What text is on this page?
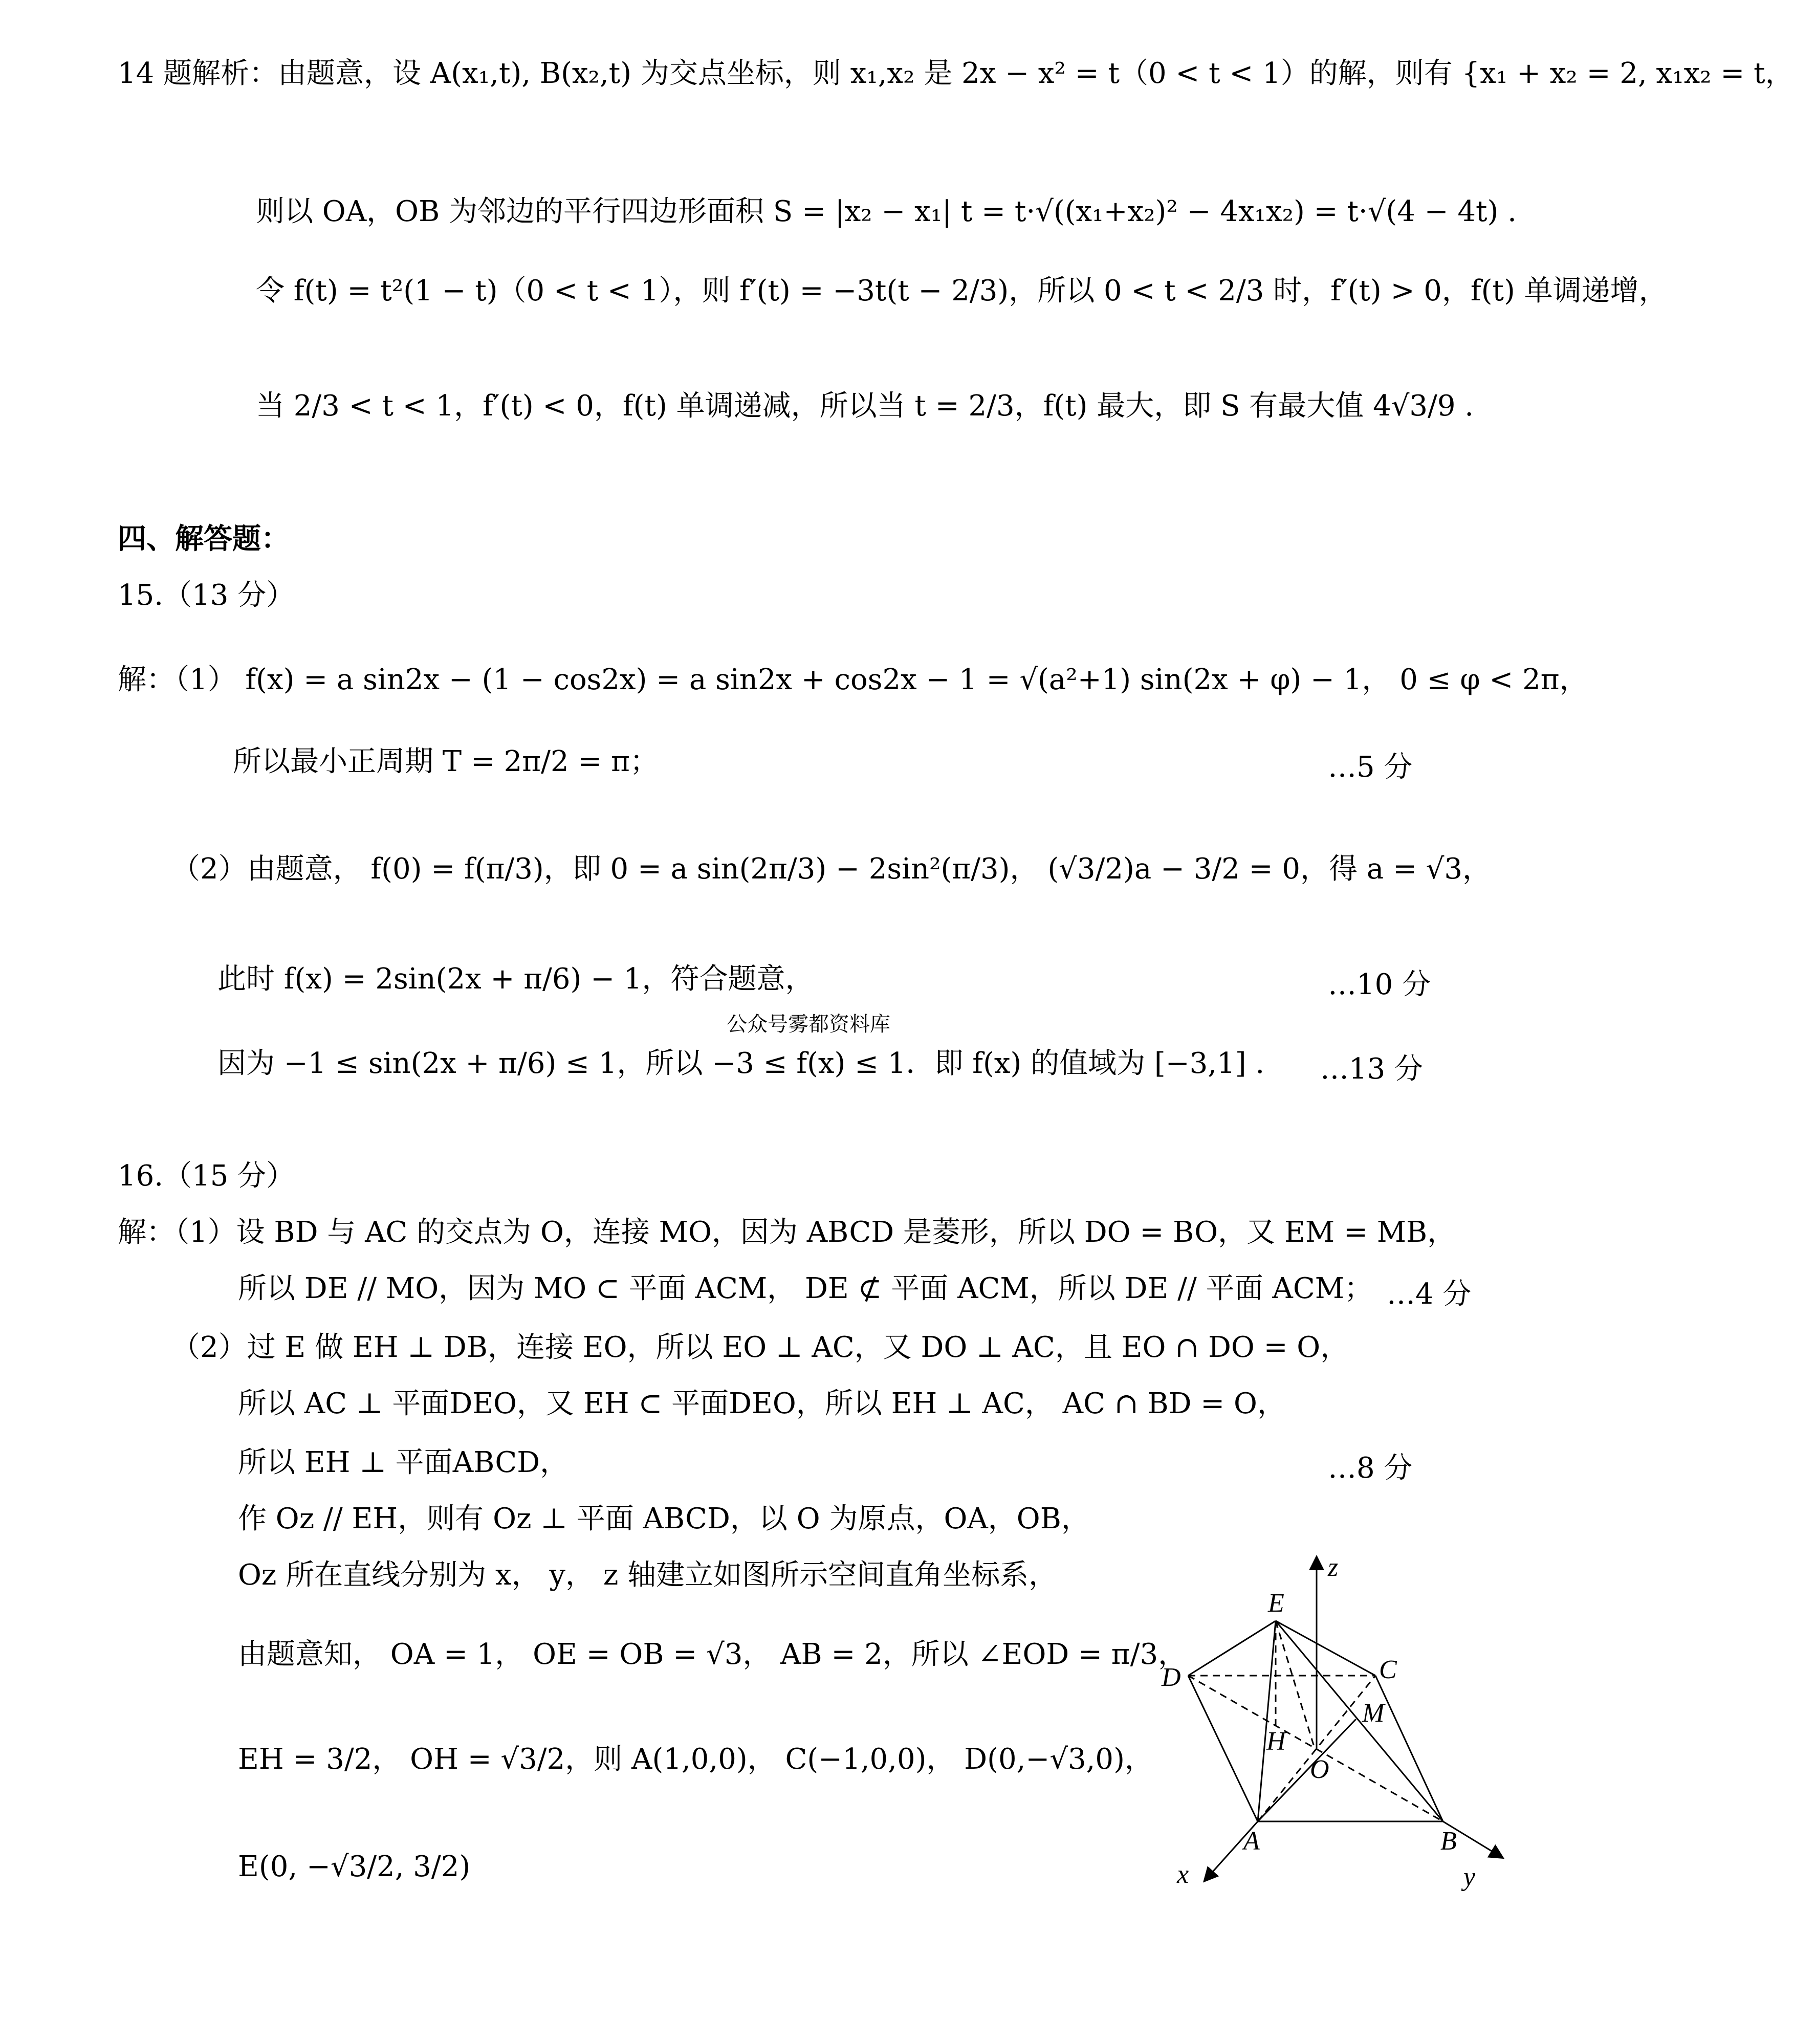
14 题解析：由题意，设 A(x₁,t), B(x₂,t) 为交点坐标，则 x₁,x₂ 是 2x − x² = t（0 < t < 1）的解，则有 {x₁ + x₂ = 2, x₁x₂ = t，
则以 OA，OB 为邻边的平行四边形面积 S = |x₂ − x₁| t = t·√((x₁+x₂)² − 4x₁x₂) = t·√(4 − 4t) .
令 f(t) = t²(1 − t)（0 < t < 1），则 f′(t) = −3t(t − 2/3)，所以 0 < t < 2/3 时，f′(t) > 0，f(t) 单调递增，
当 2/3 < t < 1，f′(t) < 0，f(t) 单调递减，所以当 t = 2/3，f(t) 最大，即 S 有最大值 4√3/9 .
四、解答题：
15.（13 分）
解：（1） f(x) = a sin2x − (1 − cos2x) = a sin2x + cos2x − 1 = √(a²+1) sin(2x + φ) − 1， 0 ≤ φ < 2π，
所以最小正周期 T = 2π/2 = π；	…5 分
（2）由题意， f(0) = f(π/3)，即 0 = a sin(2π/3) − 2sin²(π/3)， (√3/2)a − 3/2 = 0，得 a = √3，
此时 f(x) = 2sin(2x + π/6) − 1，符合题意，	…10 分
公众号雾都资料库
因为 −1 ≤ sin(2x + π/6) ≤ 1，所以 −3 ≤ f(x) ≤ 1．即 f(x) 的值域为 [−3,1] . …13 分
16.（15 分）
解：（1）设 BD 与 AC 的交点为 O，连接 MO，因为 ABCD 是菱形，所以 DO = BO，又 EM = MB，
所以 DE // MO，因为 MO ⊂ 平面 ACM， DE ⊄ 平面 ACM，所以 DE // 平面 ACM； …4 分
（2）过 E 做 EH ⊥ DB，连接 EO，所以 EO ⊥ AC，又 DO ⊥ AC，且 EO ∩ DO = O，
所以 AC ⊥ 平面DEO，又 EH ⊂ 平面DEO，所以 EH ⊥ AC， AC ∩ BD = O，
所以 EH ⊥ 平面ABCD，	…8 分
作 Oz // EH，则有 Oz ⊥ 平面 ABCD，以 O 为原点，OA，OB，
Oz 所在直线分别为 x， y， z 轴建立如图所示空间直角坐标系，
由题意知， OA = 1， OE = OB = √3， AB = 2，所以 ∠EOD = π/3，
EH = 3/2， OH = √3/2，则 A(1,0,0)， C(−1,0,0)， D(0,−√3,0)，
E(0, −√3/2, 3/2)
z
E
D	C
M
H
O
A	B
x	y
